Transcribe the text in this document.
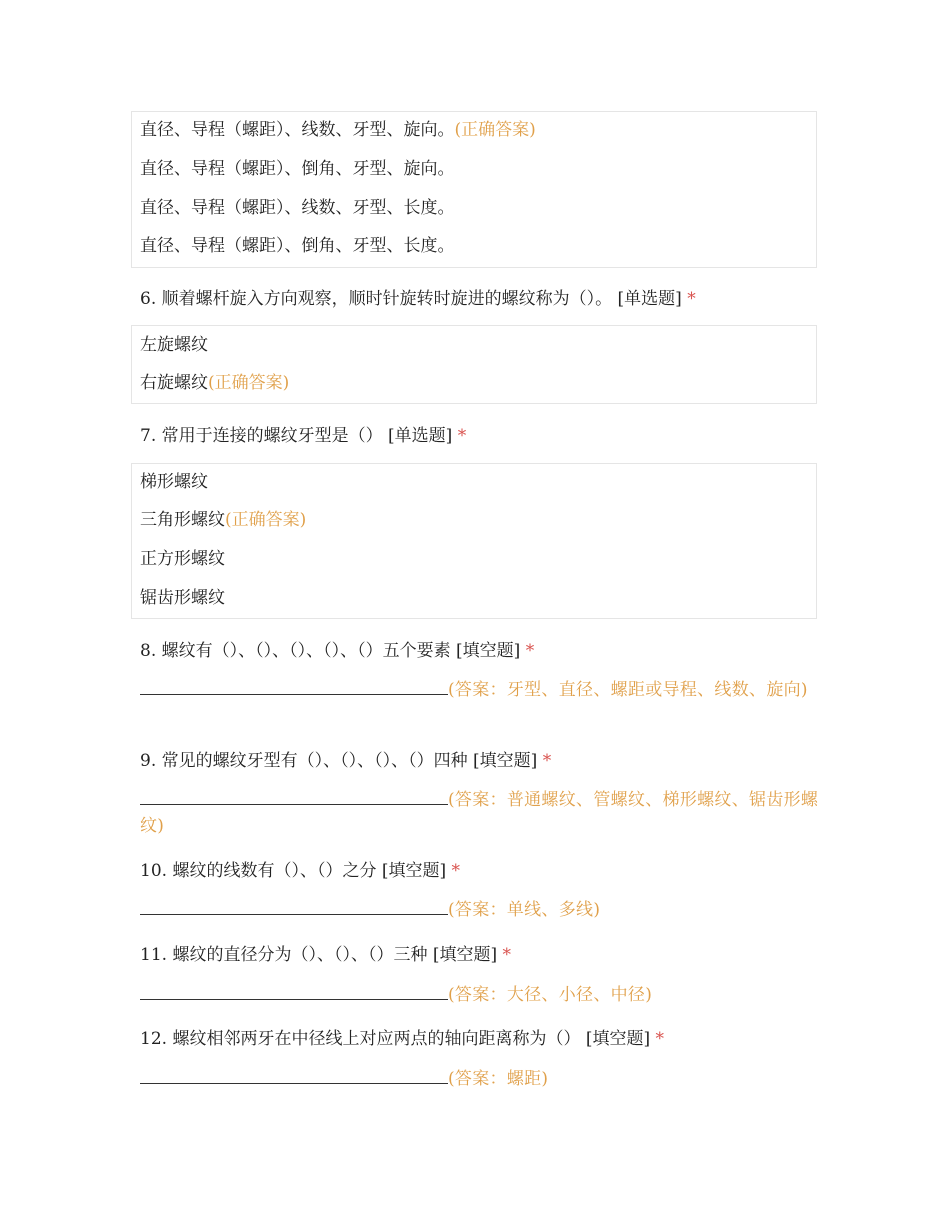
直径、导程（螺距）、线数、牙型、旋向。(正确答案)
直径、导程（螺距）、倒角、牙型、旋向。
直径、导程（螺距）、线数、牙型、长度。
直径、导程（螺距）、倒角、牙型、长度。
6. 顺着螺杆旋入方向观察，顺时针旋转时旋进的螺纹称为（）。 [单选题] *
左旋螺纹
右旋螺纹(正确答案)
7. 常用于连接的螺纹牙型是（） [单选题] *
梯形螺纹
三角形螺纹(正确答案)
正方形螺纹
锯齿形螺纹
8. 螺纹有（）、（）、（）、（）、（）五个要素 [填空题] *
(答案：牙型、直径、螺距或导程、线数、旋向)
9. 常见的螺纹牙型有（）、（）、（）、（）四种 [填空题] *
(答案：普通螺纹、管螺纹、梯形螺纹、锯齿形螺纹)
10. 螺纹的线数有（）、（）之分 [填空题] *
(答案：单线、多线)
11. 螺纹的直径分为（）、（）、（）三种 [填空题] *
(答案：大径、小径、中径)
12. 螺纹相邻两牙在中径线上对应两点的轴向距离称为（） [填空题] *
(答案：螺距)
